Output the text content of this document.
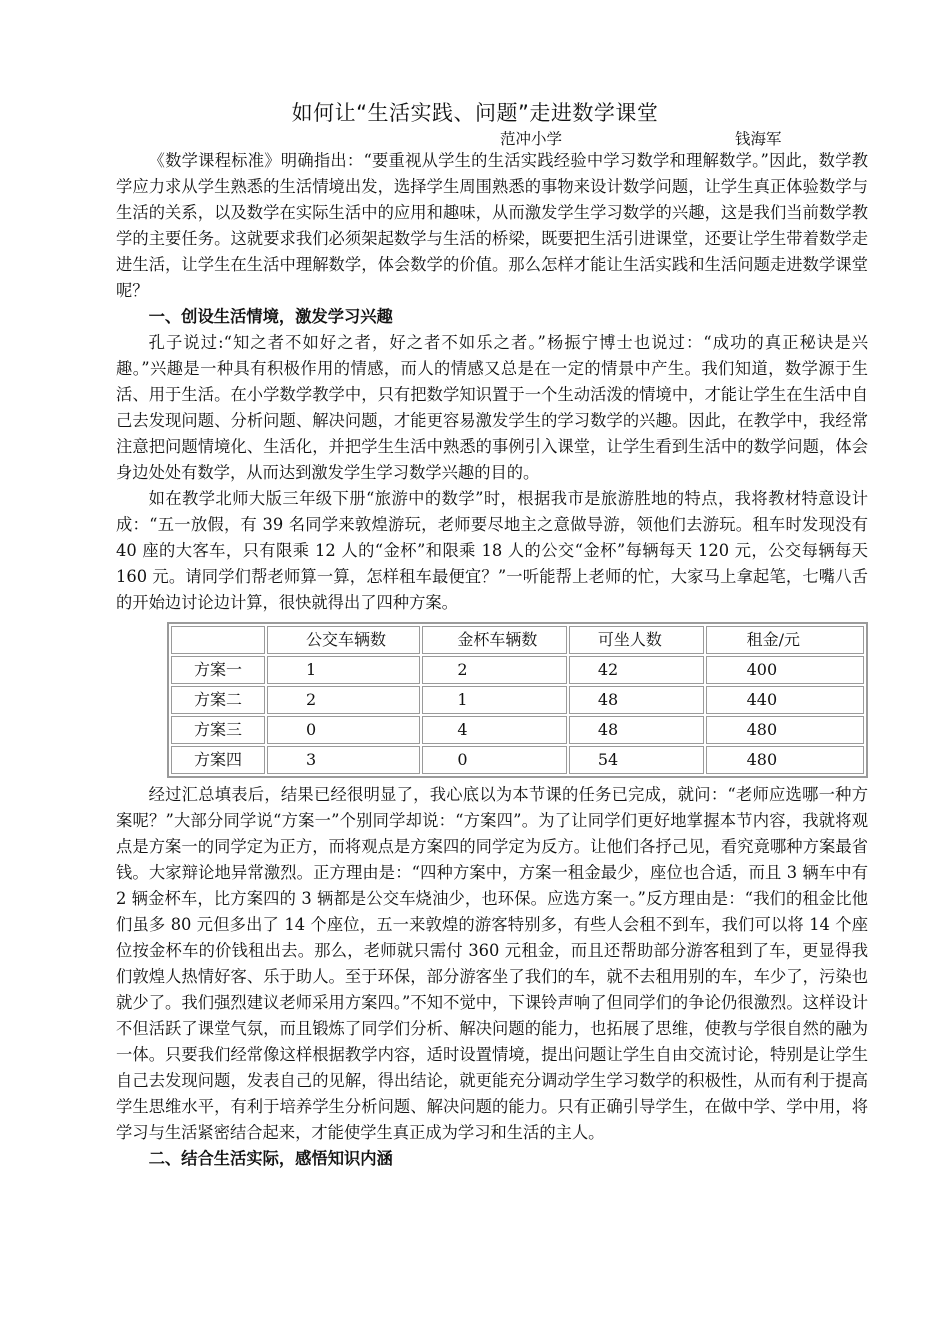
如何让“生活实践、问题”走进数学课堂
范冲小学	钱海军

《数学课程标准》明确指出：“要重视从学生的生活实践经验中学习数学和理解数学。”因此，数学教学应力求从学生熟悉的生活情境出发，选择学生周围熟悉的事物来设计数学问题，让学生真正体验数学与生活的关系，以及数学在实际生活中的应用和趣味，从而激发学生学习数学的兴趣，这是我们当前数学教学的主要任务。这就要求我们必须架起数学与生活的桥梁，既要把生活引进课堂，还要让学生带着数学走进生活，让学生在生活中理解数学，体会数学的价值。那么怎样才能让生活实践和生活问题走进数学课堂呢？

一、创设生活情境，激发学习兴趣

孔子说过:“知之者不如好之者，好之者不如乐之者。”杨振宁博士也说过：“成功的真正秘诀是兴趣。”兴趣是一种具有积极作用的情感，而人的情感又总是在一定的情景中产生。我们知道，数学源于生活、用于生活。在小学数学教学中，只有把数学知识置于一个生动活泼的情境中，才能让学生在生活中自己去发现问题、分析问题、解决问题，才能更容易激发学生的学习数学的兴趣。因此，在教学中，我经常注意把问题情境化、生活化，并把学生生活中熟悉的事例引入课堂，让学生看到生活中的数学问题，体会身边处处有数学，从而达到激发学生学习数学兴趣的目的。

如在教学北师大版三年级下册“旅游中的数学”时，根据我市是旅游胜地的特点，我将教材特意设计成：“五一放假，有 39 名同学来敦煌游玩，老师要尽地主之意做导游，领他们去游玩。租车时发现没有 40 座的大客车，只有限乘 12 人的“金杯”和限乘 18 人的公交“金杯”每辆每天 120 元，公交每辆每天 160 元。请同学们帮老师算一算，怎样租车最便宜？”一听能帮上老师的忙，大家马上拿起笔，七嘴八舌的开始边讨论边计算，很快就得出了四种方案。

	公交车辆数	金杯车辆数	可坐人数	租金/元
方案一	1	2	42	400
方案二	2	1	48	440
方案三	0	4	48	480
方案四	3	0	54	480

经过汇总填表后，结果已经很明显了，我心底以为本节课的任务已完成，就问：“老师应选哪一种方案呢？”大部分同学说“方案一”个别同学却说：“方案四”。为了让同学们更好地掌握本节内容，我就将观点是方案一的同学定为正方，而将观点是方案四的同学定为反方。让他们各抒己见，看究竟哪种方案最省钱。大家辩论地异常激烈。正方理由是：“四种方案中，方案一租金最少，座位也合适，而且 3 辆车中有 2 辆金杯车，比方案四的 3 辆都是公交车烧油少，也环保。应选方案一。”反方理由是：“我们的租金比他们虽多 80 元但多出了 14 个座位，五一来敦煌的游客特别多，有些人会租不到车，我们可以将 14 个座位按金杯车的价钱租出去。那么，老师就只需付 360 元租金，而且还帮助部分游客租到了车，更显得我们敦煌人热情好客、乐于助人。至于环保，部分游客坐了我们的车，就不去租用别的车，车少了，污染也就少了。我们强烈建议老师采用方案四。”不知不觉中，下课铃声响了但同学们的争论仍很激烈。这样设计不但活跃了课堂气氛，而且锻炼了同学们分析、解决问题的能力，也拓展了思维，使教与学很自然的融为一体。只要我们经常像这样根据教学内容，适时设置情境，提出问题让学生自由交流讨论，特别是让学生自己去发现问题，发表自己的见解，得出结论，就更能充分调动学生学习数学的积极性，从而有利于提高学生思维水平，有利于培养学生分析问题、解决问题的能力。只有正确引导学生，在做中学、学中用，将学习与生活紧密结合起来，才能使学生真正成为学习和生活的主人。

二、结合生活实际，感悟知识内涵
